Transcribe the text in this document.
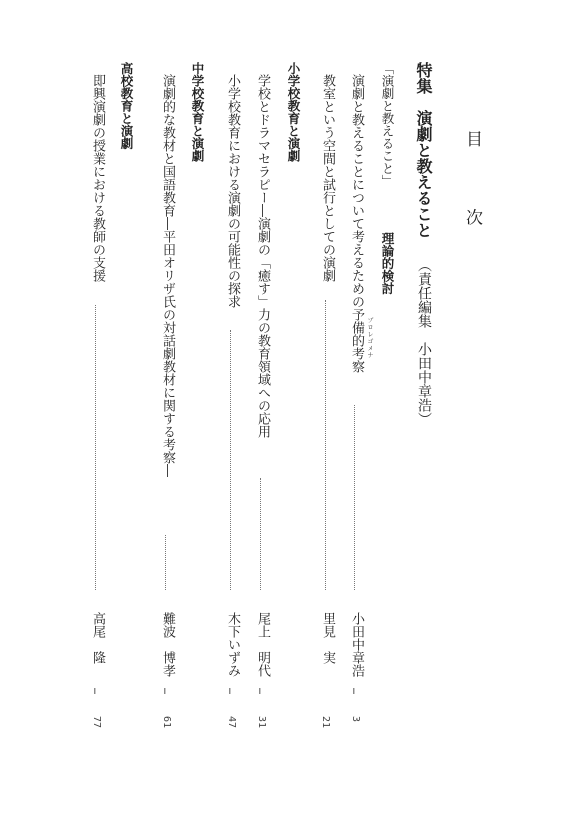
目 次
特集
演劇と教えること
（責任編集　小田中章浩）
「演劇と教えること」
理論的検討
演劇と教えることについて考えるための予備的考察 プロレゴメナ
小田中章浩
…
3
教室という空間と試行としての演劇
里見　実
21
小学校教育と演劇
学校とドラマセラピー―演劇の「癒す」力の教育領域への応用
尾上　明代
…
31
小学校教育における演劇の可能性の探求
木下いずみ
…
47
中学校教育と演劇
演劇的な教材と国語教育―平田オリザ氏の対話劇教材に関する考察―
難波　博孝
…
61
高校教育と演劇
即興演劇の授業における教師の支援
高尾　隆
…
77
